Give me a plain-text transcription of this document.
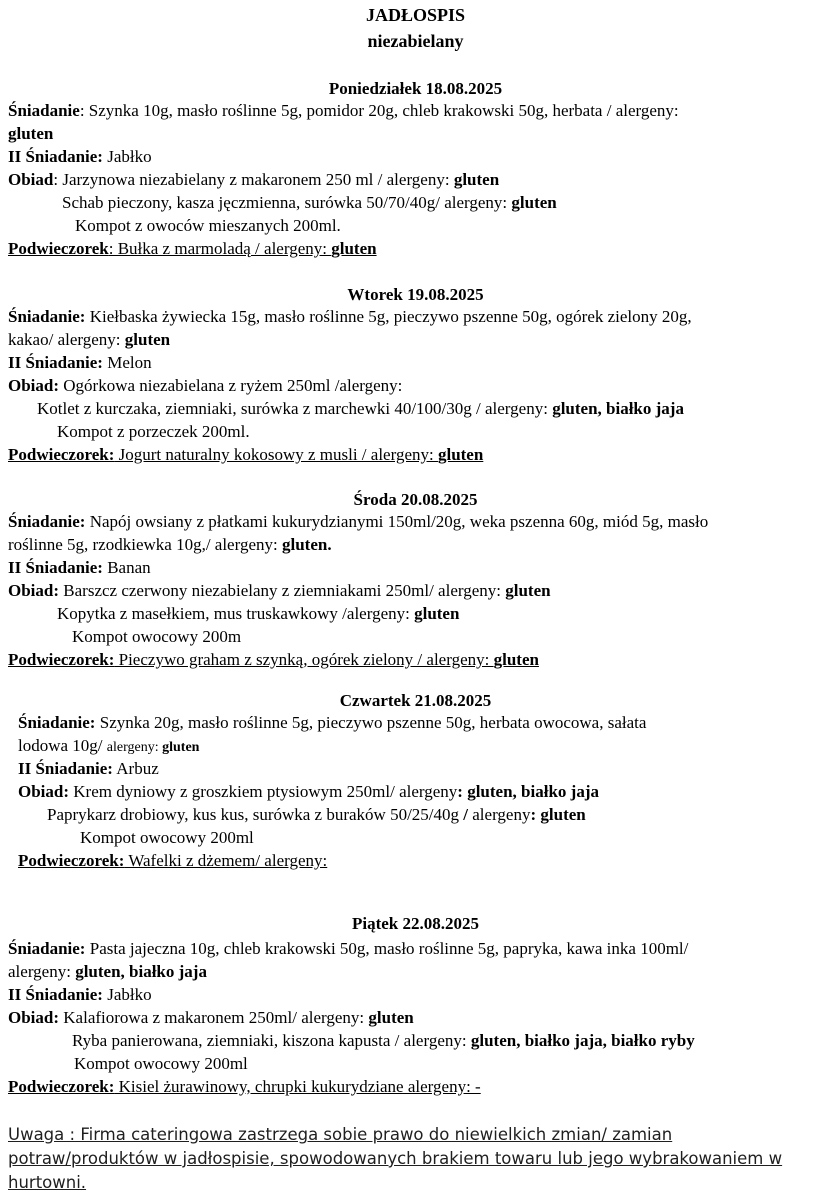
JADŁOSPIS
niezabielany
Poniedziałek 18.08.2025
Śniadanie: Szynka 10g, masło roślinne 5g, pomidor 20g, chleb krakowski 50g, herbata / alergeny:
gluten
II Śniadanie: Jabłko
Obiad: Jarzynowa niezabielany z makaronem 250 ml / alergeny: gluten
Schab pieczony, kasza jęczmienna, surówka 50/70/40g/ alergeny: gluten
Kompot z owoców mieszanych 200ml.
Podwieczorek: Bułka z marmoladą / alergeny: gluten
Wtorek 19.08.2025
Śniadanie: Kiełbaska żywiecka 15g, masło roślinne 5g, pieczywo pszenne 50g, ogórek zielony 20g,
kakao/ alergeny: gluten
II Śniadanie: Melon
Obiad: Ogórkowa niezabielana z ryżem 250ml /alergeny:
Kotlet z kurczaka, ziemniaki, surówka z marchewki 40/100/30g / alergeny: gluten, białko jaja
Kompot z porzeczek 200ml.
Podwieczorek: Jogurt naturalny kokosowy z musli / alergeny: gluten
Środa 20.08.2025
Śniadanie: Napój owsiany z płatkami kukurydzianymi 150ml/20g, weka pszenna 60g, miód 5g, masło
roślinne 5g, rzodkiewka 10g,/ alergeny: gluten.
II Śniadanie: Banan
Obiad: Barszcz czerwony niezabielany z ziemniakami 250ml/ alergeny: gluten
Kopytka z masełkiem, mus truskawkowy /alergeny: gluten
Kompot owocowy 200m
Podwieczorek: Pieczywo graham z szynką, ogórek zielony / alergeny: gluten
Czwartek 21.08.2025
Śniadanie: Szynka 20g, masło roślinne 5g, pieczywo pszenne 50g, herbata owocowa, sałata
lodowa 10g/ alergeny: gluten
II Śniadanie: Arbuz
Obiad: Krem dyniowy z groszkiem ptysiowym 250ml/ alergeny: gluten, białko jaja
Paprykarz drobiowy, kus kus, surówka z buraków 50/25/40g / alergeny: gluten
Kompot owocowy 200ml
Podwieczorek: Wafelki z dżemem/ alergeny:
Piątek 22.08.2025
Śniadanie: Pasta jajeczna 10g, chleb krakowski 50g, masło roślinne 5g, papryka, kawa inka 100ml/
alergeny: gluten, białko jaja
II Śniadanie: Jabłko
Obiad: Kalafiorowa z makaronem 250ml/ alergeny: gluten
Ryba panierowana, ziemniaki, kiszona kapusta / alergeny: gluten, białko jaja, białko ryby
Kompot owocowy 200ml
Podwieczorek: Kisiel żurawinowy, chrupki kukurydziane alergeny: -
Uwaga : Firma cateringowa zastrzega sobie prawo do niewielkich zmian/ zamian
potraw/produktów w jadłospisie, spowodowanych brakiem towaru lub jego wybrakowaniem w
hurtowni.
